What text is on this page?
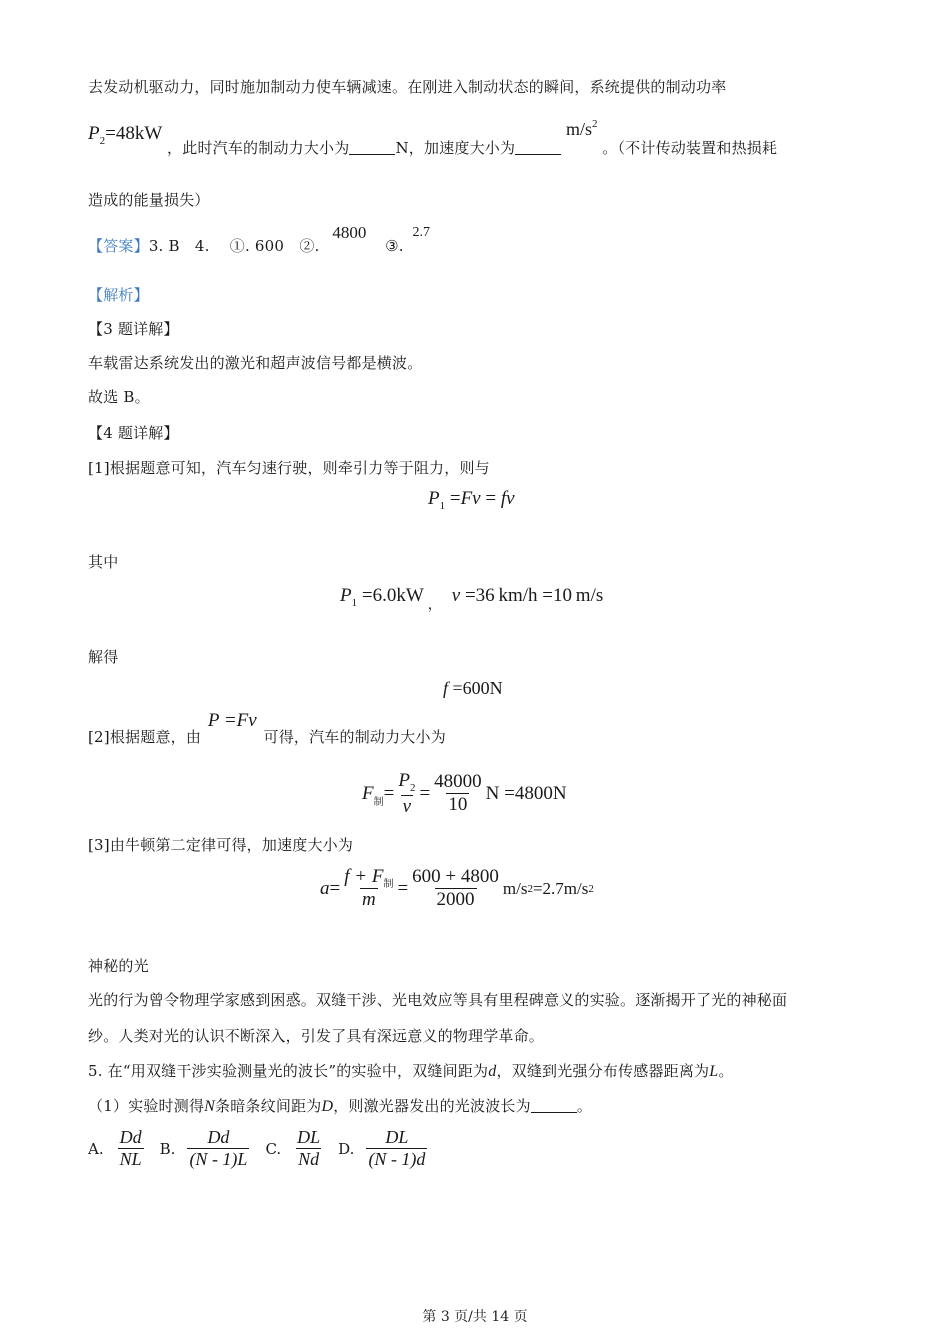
去发动机驱动力，同时施加制动力使车辆减速。在刚进入制动状态的瞬间，系统提供的制动功率
$P_2=48kW$ ，此时汽车的制动力大小为	N，加速度大小为 $m/s^2$ 。（不计传动装置和热损耗
造成的能量损失）
【答案】3. B　4.　 ①. 600　②. 4800 ③. 2.7
【解析】
【3 题详解】
车载雷达系统发出的激光和超声波信号都是横波。
故选 B。
【4 题详解】
[1]根据题意可知，汽车匀速行驶，则牵引力等于阻力，则与
$P_1 =Fv$ = fv
其中
$P_1 =6.0kW$ $_,$ v =36 km/h =10 m/s
解得
f =600N
[2]根据题意，由 P =Fv 可得，汽车的制动力大小为
F 制 = $\frac{P_2}{v} = \frac{48000}{10}$ N =4800N
[3]由牛顿第二定律可得，加速度大小为
$a = \frac{f + F_制}{m} = \frac{600 + 4800}{2000} m/s$ 2 =2.7m/s 2
神秘的光
光的行为曾令物理学家感到困惑。双缝干涉、光电效应等具有里程碑意义的实验。逐渐揭开了光的神秘面
纱。人类对光的认识不断深入，引发了具有深远意义的物理学革命。
5. 在“用双缝干涉实验测量光的波长”的实验中，双缝间距为d，双缝到光强分布传感器距离为L。
（1）实验时测得N条暗条纹间距为D，则激光器发出的光波波长为	。
A. $\frac{Dd}{NL} B$. $\frac{Dd}{(N - 1)L} C$. $\frac{DL}{Nd} D$. $\frac{DL}{(N - 1)d}$
第 3 页/共 14 页
